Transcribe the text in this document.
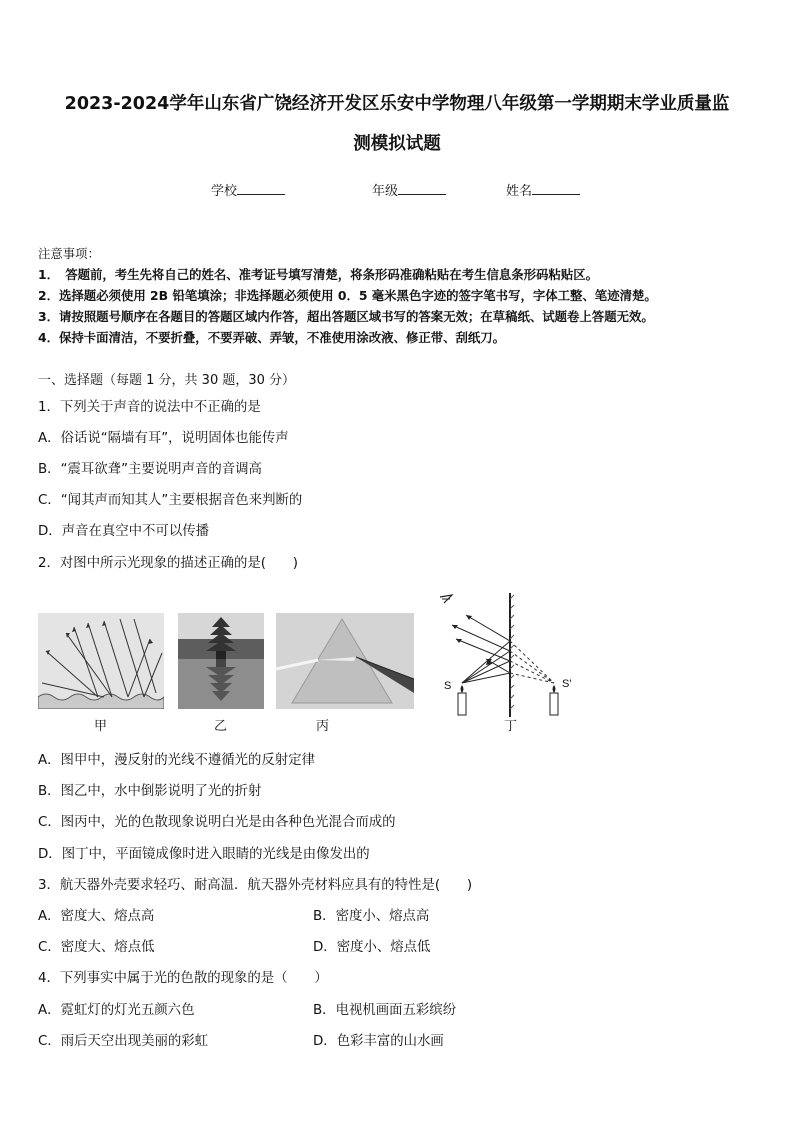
2023-2024学年山东省广饶经济开发区乐安中学物理八年级第一学期期末学业质量监
测模拟试题
学校	年级	姓名
注意事项：
1．　答题前，考生先将自己的姓名、准考证号填写清楚，将条形码准确粘贴在考生信息条形码粘贴区。
2．选择题必须使用 2B 铅笔填涂；非选择题必须使用 0．5 毫米黑色字迹的签字笔书写，字体工整、笔迹清楚。
3．请按照题号顺序在各题目的答题区域内作答，超出答题区域书写的答案无效；在草稿纸、试题卷上答题无效。
4．保持卡面清洁，不要折叠，不要弄破、弄皱，不准使用涂改液、修正带、刮纸刀。
一、选择题（每题 1 分，共 30 题，30 分）
1．下列关于声音的说法中不正确的是
A．俗话说“隔墙有耳”，说明固体也能传声
B．“震耳欲聋”主要说明声音的音调高
C．“闻其声而知其人”主要根据音色来判断的
D．声音在真空中不可以传播
2．对图中所示光现象的描述正确的是(　　)
甲	乙	丙
S	S'
丁
A．图甲中，漫反射的光线不遵循光的反射定律
B．图乙中，水中倒影说明了光的折射
C．图丙中，光的色散现象说明白光是由各种色光混合而成的
D．图丁中，平面镜成像时进入眼睛的光线是由像发出的
3．航天器外壳要求轻巧、耐高温．航天器外壳材料应具有的特性是(　　)
A．密度大、熔点高	B．密度小、熔点高
C．密度大、熔点低	D．密度小、熔点低
4．下列事实中属于光的色散的现象的是（　　）
A．霓虹灯的灯光五颜六色	B．电视机画面五彩缤纷
C．雨后天空出现美丽的彩虹	D．色彩丰富的山水画
